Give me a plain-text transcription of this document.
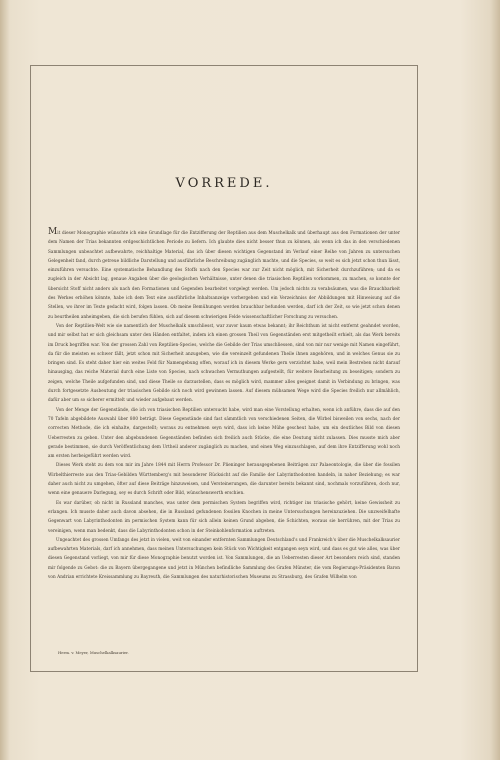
VORREDE.

Mit dieser Monographie wünschte ich eine Grundlage für die Entzifferung der Reptilien aus dem Muschelkalk und überhaupt aus den Formationen der unter dem Namen der Trias bekannten erdgeschichtlichen Periode zu liefern. Ich glaubte dies nicht besser thun zu können, als wenn ich das in den verschiedenen Sammlungen unbeachtet aufbewahrte, reichhaltige Material, das ich über diesen wichtigen Gegenstand im Verlauf einer Reihe von Jahren zu untersuchen Gelegenheit fand, durch getreue bildliche Darstellung und ausführliche Beschreibung zugänglich machte, und die Species, so weit es sich jetzt schon thun lässt, einzuführen versuchte. Eine systematische Behandlung des Stoffs nach den Species war zur Zeit nicht möglich, mit Sicherheit durchzuführen; und da es zugleich in der Absicht lag, genaue Angaben über die geologischen Verhältnisse, unter denen die triasischen Reptilien vorkommen, zu machen, so konnte der übersicht Stoff nicht anders als nach den Formationen und Gegenden bearbeitet vorgelegt werden. Um jedoch nichts zu verabsäumen, was die Brauchbarkeit des Werkes erhöhen könnte, habe ich dem Text eine ausführliche Inhaltsanzeige vorhergehen und ein Verzeichniss der Abbildungen mit Hinweisung auf die Stellen, wo ihrer im Texte gedacht wird, folgen lassen. Ob meine Bemühungen werden brauchbar befunden werden, darf ich der Zeit, so wie jetzt schon denen zu beurtheilen anheimgeben, die sich berufen fühlen, sich auf diesem schwierigen Felde wissenschaftlicher Forschung zu versuchen.

Von der Reptilien-Welt wie sie namentlich der Muschelkalk umschliesst, war zuvor kaum etwas bekannt; ihr Reichthum ist nicht entfernt geahndet worden, und mir selbst hat er sich gleichsam unter den Händen entfaltet, indem ich einen grossen Theil von Gegenständen erst mitgetheilt erhielt, als das Werk bereits im Druck begriffen war. Von der grossen Zahl von Reptilien-Species, welche die Gebilde der Trias umschliessen, sind von mir nur wenige mit Namen eingeführt, da für die meisten es schwer fällt, jetzt schon mit Sicherheit anzugeben, wie die vereinzelt gefundenen Theile ihnen angehören, und in welches Genus sie zu bringen sind. Es steht daher hier ein weites Feld für Namengebung offen, worauf ich in diesem Werke gern verzichtet habe, weil mein Bestreben nicht darauf hinausging, das reiche Material durch eine Liste von Species, nach schwachen Vermuthungen aufgestellt, für weitere Bearbeitung zu beseitigen; sondern zu zeigen, welche Theile aufgefunden sind, und diese Theile so darzustellen, dass es möglich wird, mammer alles geeignet damit in Verbindung zu bringen, was durch fortgesetzte Ausbeutung der triasischen Gebilde sich noch wird gewinnen lassen. Auf diesem mühsamen Wege wird die Species freilich nur allmählich, dafür aber um so sicherer ermittelt und wieder aufgebaut werden.

Von der Menge der Gegenstände, die ich von triasischen Reptilien untersucht habe, wird man eine Vorstellung erhalten, wenn ich anführe, dass die auf den 70 Tafeln abgebildete Auswahl über 800 beträgt. Diese Gegenstände sind fast sämmtlich von verschiedenen Seiten, die Wirbel bisweilen von sechs, nach der correcten Methode, die ich einhalte, dargestellt; woraus zu entnehmen seyn wird, dass ich keine Mühe gescheut habe, um ein deutliches Bild von diesen Ueberresten zu geben. Unter den abgebundenen Gegenständen befinden sich freilich auch Stücke, die eine Deutung nicht zulassen. Dies musste mich aber gerade bestimmen, sie durch Veröffentlichung dem Urtheil anderer zugänglich zu machen, und einen Weg einzuschlagen, auf dem ihre Entzifferung wohl noch am ersten herbeigeführt werden wird.

Dieses Werk steht zu dem von mir im Jahre 1844 mit Herrn Professor Dr. Plieninger herausgegebenen Beiträgen zur Palaeontologie, die über die fossilen Wirbelthierreste aus den Trias-Gebilden Württemberg's mit besonderer Rücksicht auf die Familie der Labyrinthodonten handeln, in naher Beziehung; es war daher auch nicht zu umgehen, öfter auf diese Beiträge hinzuweisen, und Versteinerungen, die darunter bereits bekannt sind, nochmals vorzuführen, doch nur, wenn eine genauere Darlegung, sey es durch Schrift oder Bild, wünschenswerth erschien.

Es war darüber, ob nicht in Russland manches, was unter dem permischen System begriffen wird, richtiger ins triasische gehört, keine Gewissheit zu erlangen. Ich musste daher auch davon absehen, die in Russland gefundenen fossilen Knochen in meine Untersuchungen hereinzuziehen. Die unzweifelhafte Gegenwart von Labyrinthodonten im permischen System kann für sich allein keinen Grund abgeben, die Schichten, woraus sie herrühren, mit der Trias zu vereinigen, wenn man bedenkt, dass die Labyrinthodonten schon in der Steinkohlenformation auftreten.

Ungeachtet des grossen Umfangs des jetzt in vielen, weit von einander entfernten Sammlungen Deutschland's und Frankreich's über die Muschelkalksaurier aufbewahrten Materials, darf ich annehmen, dass meinen Untersuchungen kein Stück von Wichtigkeit entgangen seyn wird, und dass es gut wie alles, was über diesen Gegenstand vorliegt, von mir für diese Monographie benutzt worden ist. Von Sammlungen, die an Ueberresten dieser Art besonders reich sind, standen mir folgende zu Gebot: die zu Bayern übergegangene und jetzt in München befindliche Sammlung des Grafen Münster, die vom Regierungs-Präsidenten Baron von Andrian errichtete Kreissammlung zu Bayreuth, die Sammlungen des naturhistorischen Museums zu Strassburg, des Grafen Wilhelm von

Herm. v. Meyer, Muschelkalksaurier.
